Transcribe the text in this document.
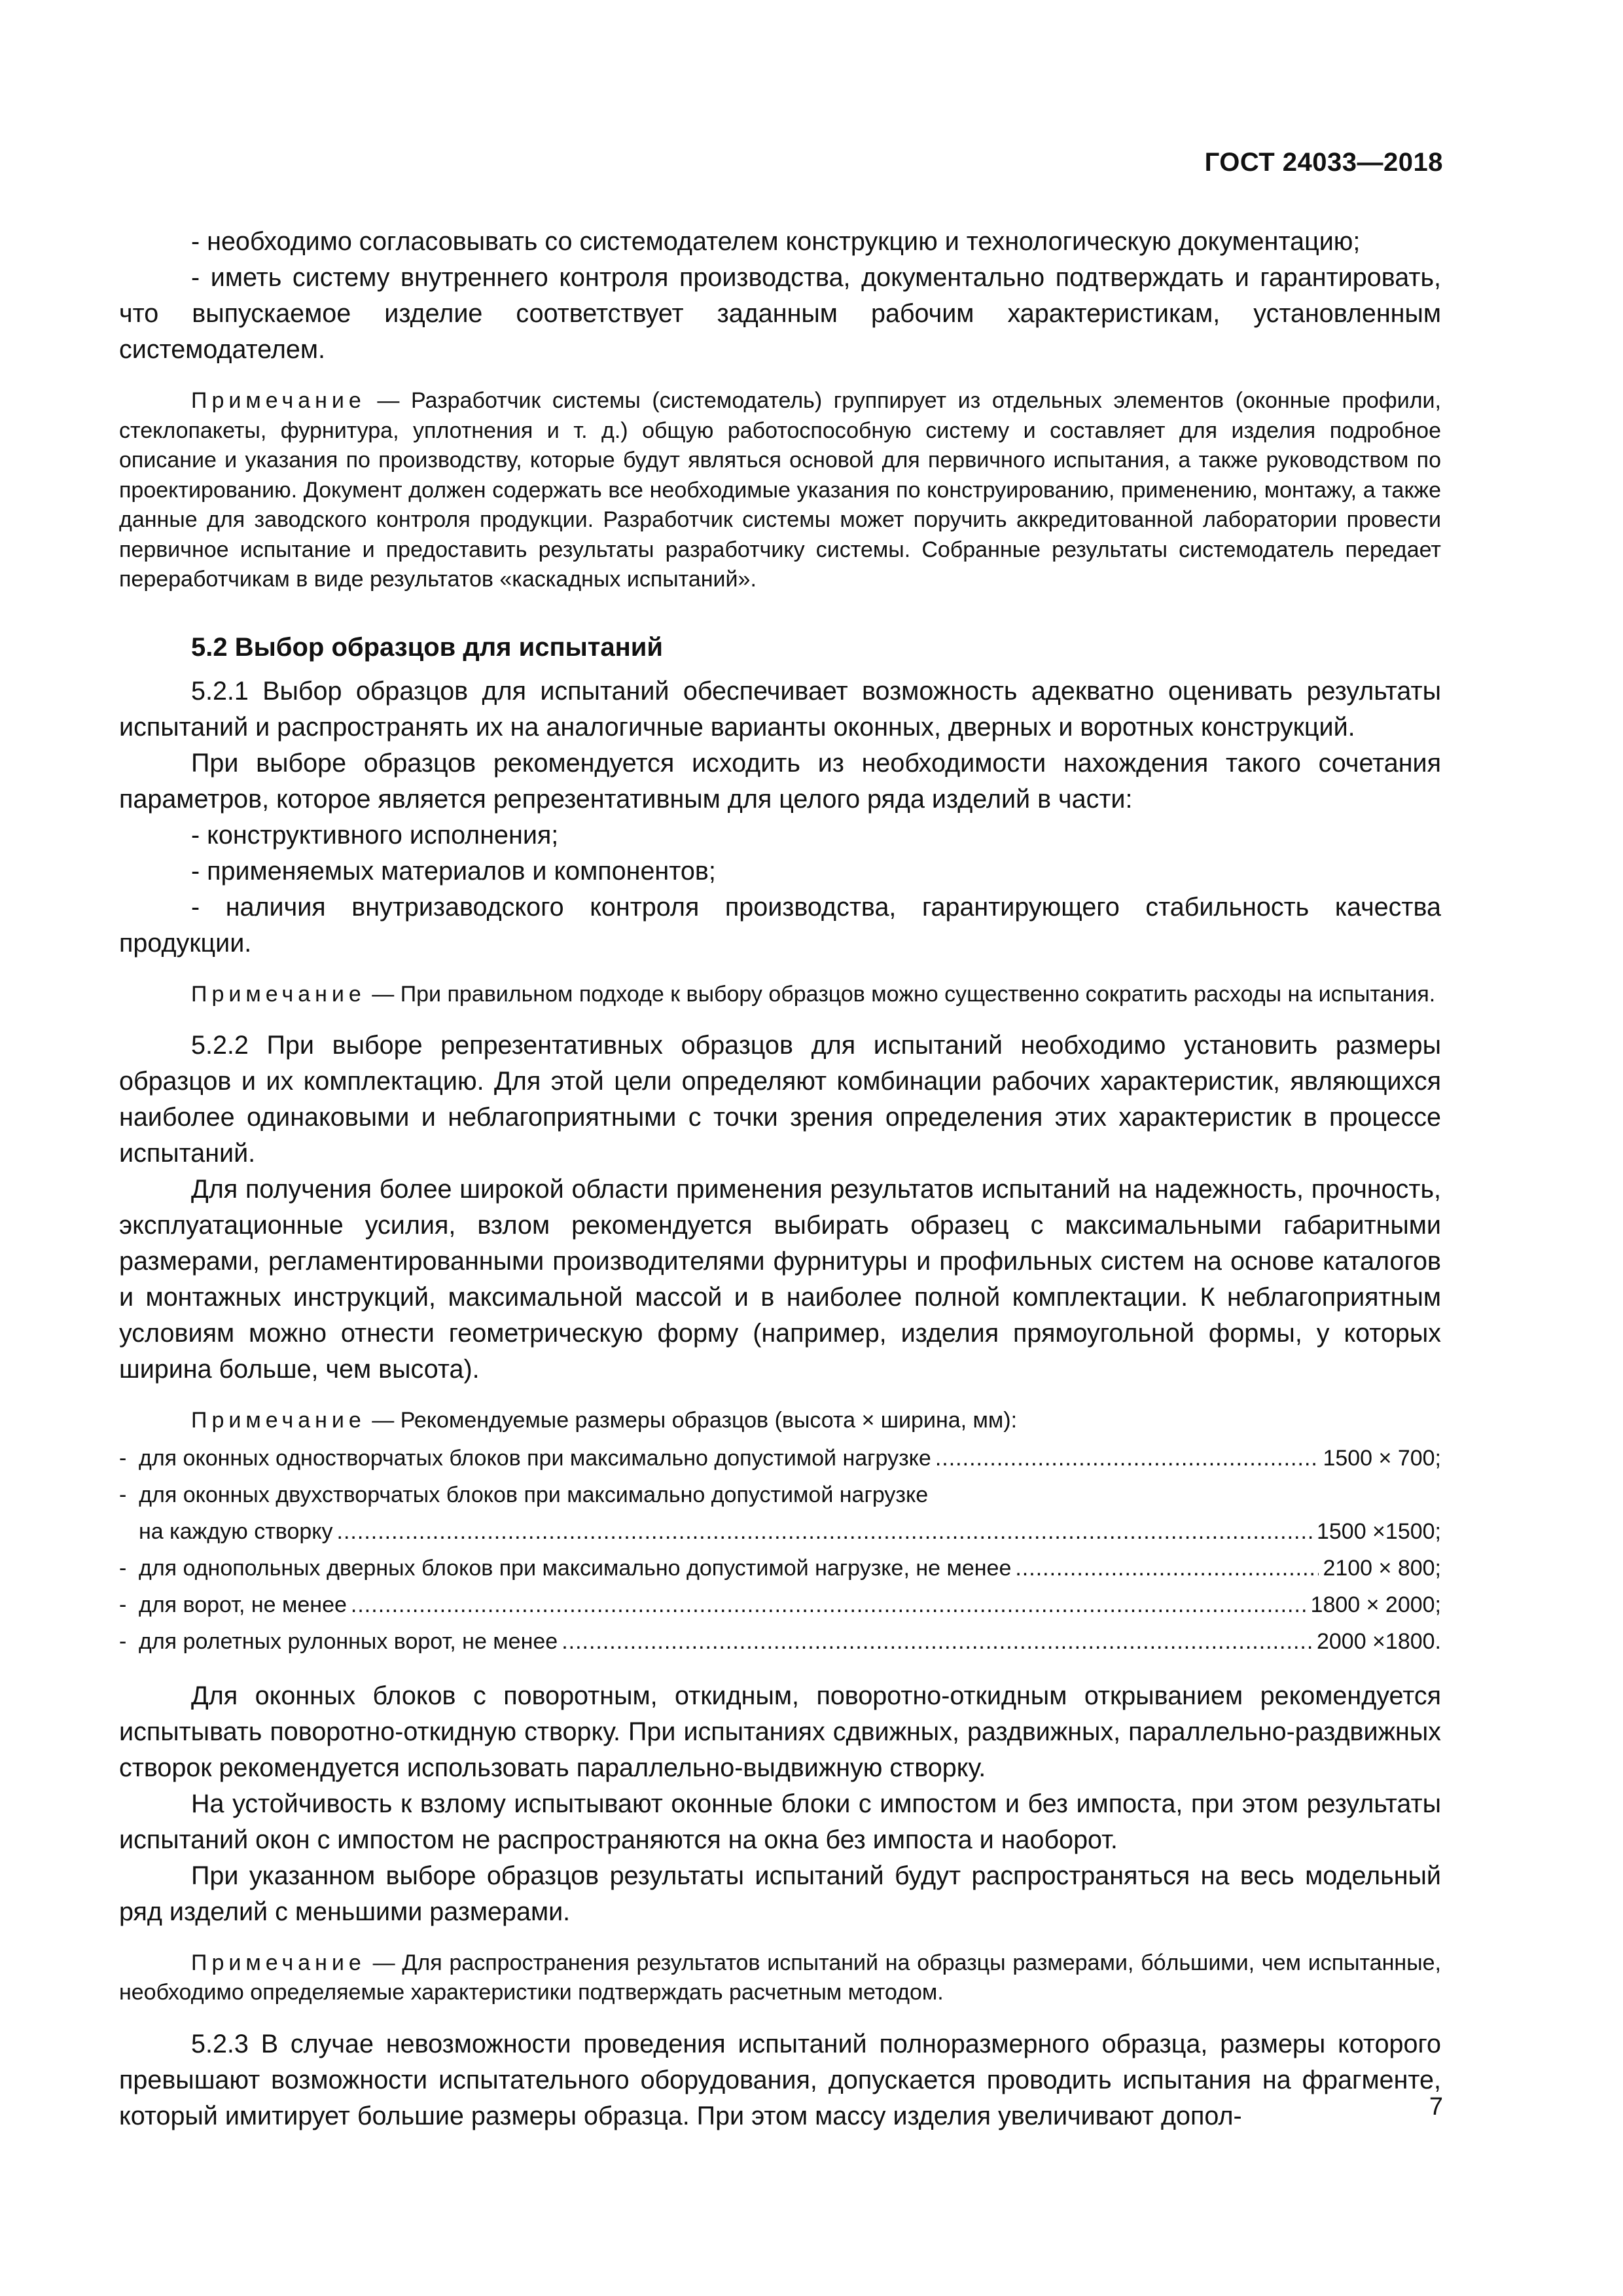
ГОСТ 24033—2018

- необходимо согласовывать со системодателем конструкцию и технологическую документацию;

- иметь систему внутреннего контроля производства, документально подтверждать и гарантировать, что выпускаемое изделие соответствует заданным рабочим характеристикам, установленным системодателем.

Примечание — Разработчик системы (системодатель) группирует из отдельных элементов (оконные профили, стеклопакеты, фурнитура, уплотнения и т. д.) общую работоспособную систему и составляет для изделия подробное описание и указания по производству, которые будут являться основой для первичного испытания, а также руководством по проектированию. Документ должен содержать все необходимые указания по конструированию, применению, монтажу, а также данные для заводского контроля продукции. Разработчик системы может поручить аккредитованной лаборатории провести первичное испытание и предоставить результаты разработчику системы. Собранные результаты системодатель передает переработчикам в виде результатов «каскадных испытаний».

5.2 Выбор образцов для испытаний

5.2.1 Выбор образцов для испытаний обеспечивает возможность адекватно оценивать результаты испытаний и распространять их на аналогичные варианты оконных, дверных и воротных конструкций.

При выборе образцов рекомендуется исходить из необходимости нахождения такого сочетания параметров, которое является репрезентативным для целого ряда изделий в части:

- конструктивного исполнения;

- применяемых материалов и компонентов;

- наличия внутризаводского контроля производства, гарантирующего стабильность качества продукции.

Примечание — При правильном подходе к выбору образцов можно существенно сократить расходы на испытания.

5.2.2 При выборе репрезентативных образцов для испытаний необходимо установить размеры образцов и их комплектацию. Для этой цели определяют комбинации рабочих характеристик, являющихся наиболее одинаковыми и неблагоприятными с точки зрения определения этих характеристик в процессе испытаний.

Для получения более широкой области применения результатов испытаний на надежность, прочность, эксплуатационные усилия, взлом рекомендуется выбирать образец с максимальными габаритными размерами, регламентированными производителями фурнитуры и профильных систем на основе каталогов и монтажных инструкций, максимальной массой и в наиболее полной комплектации. К неблагоприятным условиям можно отнести геометрическую форму (например, изделия прямоугольной формы, у которых ширина больше, чем высота).

Примечание — Рекомендуемые размеры образцов (высота × ширина, мм):

- для оконных одностворчатых блоков при максимально допустимой нагрузке .....	1500 × 700;
-  для оконных двухстворчатых блоков при максимально допустимой нагрузке
на каждую створку .....	1500 ×1500;
- для однопольных дверных блоков при максимально допустимой нагрузке, не менее .....	2100 × 800;
- для ворот, не менее .....	1800 × 2000;
- для ролетных рулонных ворот, не менее .....	2000 ×1800.

Для оконных блоков с поворотным, откидным, поворотно-откидным открыванием рекомендуется испытывать поворотно-откидную створку. При испытаниях сдвижных, раздвижных, параллельно-раздвижных створок рекомендуется использовать параллельно-выдвижную створку.

На устойчивость к взлому испытывают оконные блоки с импостом и без импоста, при этом результаты испытаний окон с импостом не распространяются на окна без импоста и наоборот.

При указанном выборе образцов результаты испытаний будут распространяться на весь модельный ряд изделий с меньшими размерами.

Примечание — Для распространения результатов испытаний на образцы размерами, бóльшими, чем испытанные, необходимо определяемые характеристики подтверждать расчетным методом.

5.2.3 В случае невозможности проведения испытаний полноразмерного образца, размеры которого превышают возможности испытательного оборудования, допускается проводить испытания на фрагменте, который имитирует большие размеры образца. При этом массу изделия увеличивают допол-	7
